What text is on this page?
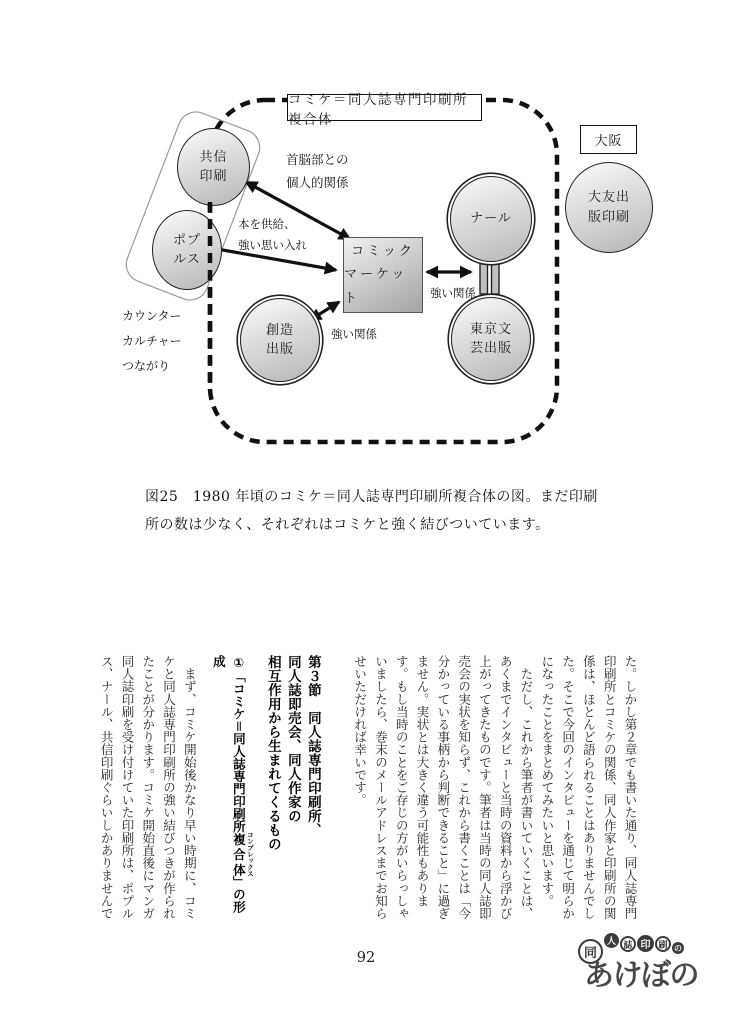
コミケ＝同人誌専門印刷所複合体
大阪
共信
印刷
ポプ
ルス
ナール
創造
出版
東京文
芸出版
大友出
版印刷
コミック
マーケット
首脳部との
個人的関係
本を供給、
強い思い入れ
強い関係
強い関係
カウンター
カルチャー
つながり
図25　1980 年頃のコミケ＝同人誌専門印刷所複合体の図。まだ印刷
所の数は少なく、それぞれはコミケと強く結びついています。

た。しかし第２章でも書いた通り、同人誌専門印刷所とコミケの関係、同人作家と印刷所の関係は、ほとんど語られることはありませんでした。そこで今回のインタビューを通じて明らかになったことをまとめてみたいと思います。

　ただし、これから筆者が書いていくことは、あくまでインタビューと当時の資料から浮かび上がってきたものです。筆者は当時の同人誌即売会の実状を知らず、これから書くことは「今分かっている事柄から判断できること」に過ぎません。実状とは大きく違う可能性もあります。もし当時のことをご存じの方がいらっしゃいましたら、巻末のメールアドレスまでお知らせいただければ幸いです。

第３節　同人誌専門印刷所、
同人誌即売会、同人作家の
相互作用から生まれてくるもの
①「コミケ＝同人誌専門印刷所複合体 コンプレックス」の形成

　まず、コミケ開始後かなり早い時期に、コミケと同人誌専門印刷所の強い結びつきが作られたことが分かります。コミケ開始直後にマンガ同人誌印刷を受け付けていた印刷所は、ポプルス、ナール、共信印刷ぐらいしかありませんで

92	同
人 誌 印 刷 の
あけぼの
